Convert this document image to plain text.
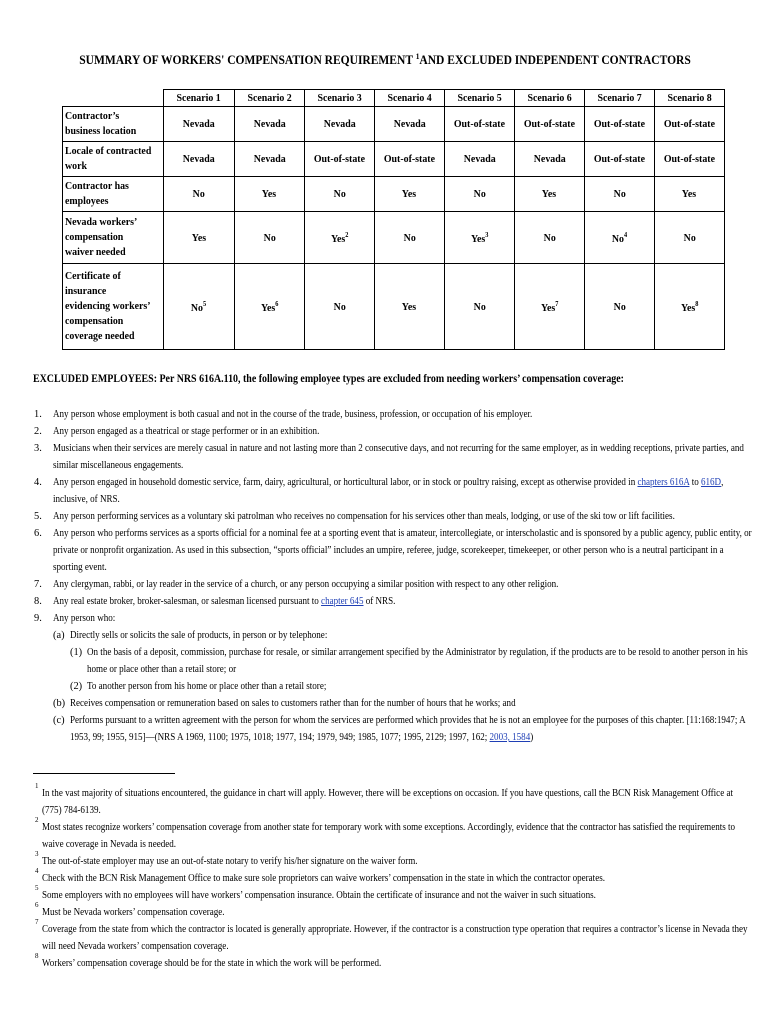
SUMMARY OF WORKERS' COMPENSATION REQUIREMENT $^1$AND EXCLUDED INDEPENDENT CONTRACTORS
	Scenario 1	Scenario 2	Scenario 3	Scenario 4	Scenario 5	Scenario 6	Scenario 7	Scenario 8
Contractor’s
business location	Nevada	Nevada	Nevada	Nevada	Out-of-state	Out-of-state	Out-of-state	Out-of-state
Locale of contracted
work	Nevada	Nevada	Out-of-state	Out-of-state	Nevada	Nevada	Out-of-state	Out-of-state
Contractor has
employees	No	Yes	No	Yes	No	Yes	No	Yes
Nevada workers’
compensation
waiver needed	Yes	No	Yes$^2$	No	Yes$^3$	No	No$^4$	No
Certificate of
insurance
evidencing workers’
compensation
coverage needed	No$^5$	Yes$^6$	No	Yes	No	Yes$^7$	No	Yes$^8$
EXCLUDED EMPLOYEES: Per NRS 616A.110, the following employee types are excluded from needing workers’ compensation coverage:
1. Any person whose employment is both casual and not in the course of the trade, business, profession, or occupation of his employer.
2. Any person engaged as a theatrical or stage performer or in an exhibition.
3. Musicians when their services are merely casual in nature and not lasting more than 2 consecutive days, and not recurring for the same employer, as in wedding receptions, private parties, and
similar miscellaneous engagements.
4. Any person engaged in household domestic service, farm, dairy, agricultural, or horticultural labor, or in stock or poultry raising, except as otherwise provided in chapters 616A to 616D,
inclusive, of NRS.
5. Any person performing services as a voluntary ski patrolman who receives no compensation for his services other than meals, lodging, or use of the ski tow or lift facilities.
6. Any person who performs services as a sports official for a nominal fee at a sporting event that is amateur, intercollegiate, or interscholastic and is sponsored by a public agency, public entity, or
private or nonprofit organization. As used in this subsection, “sports official” includes an umpire, referee, judge, scorekeeper, timekeeper, or other person who is a neutral participant in a
sporting event.
7. Any clergyman, rabbi, or lay reader in the service of a church, or any person occupying a similar position with respect to any other religion.
8. Any real estate broker, broker-salesman, or salesman licensed pursuant to chapter 645 of NRS.
9. Any person who:
(a) Directly sells or solicits the sale of products, in person or by telephone:
(1) On the basis of a deposit, commission, purchase for resale, or similar arrangement specified by the Administrator by regulation, if the products are to be resold to another person in his
home or place other than a retail store; or
(2) To another person from his home or place other than a retail store;
(b) Receives compensation or remuneration based on sales to customers rather than for the number of hours that he works; and
(c) Performs pursuant to a written agreement with the person for whom the services are performed which provides that he is not an employee for the purposes of this chapter. [11:168:1947; A
1953, 99; 1955, 915]—(NRS A 1969, 1100; 1975, 1018; 1977, 194; 1979, 949; 1985, 1077; 1995, 2129; 1997, 162; 2003, 1584)
1
In the vast majority of situations encountered, the guidance in chart will apply. However, there will be exceptions on occasion. If you have questions, call the BCN Risk Management Office at
(775) 784-6139.
2
Most states recognize workers’ compensation coverage from another state for temporary work with some exceptions. Accordingly, evidence that the contractor has satisfied the requirements to
waive coverage in Nevada is needed.
3
The out-of-state employer may use an out-of-state notary to verify his/her signature on the waiver form.
4
Check with the BCN Risk Management Office to make sure sole proprietors can waive workers’ compensation in the state in which the contractor operates.
5
Some employers with no employees will have workers’ compensation insurance. Obtain the certificate of insurance and not the waiver in such situations.
6
Must be Nevada workers’ compensation coverage.
7
Coverage from the state from which the contractor is located is generally appropriate. However, if the contractor is a construction type operation that requires a contractor’s license in Nevada they
will need Nevada workers’ compensation coverage.
8
Workers’ compensation coverage should be for the state in which the work will be performed.
